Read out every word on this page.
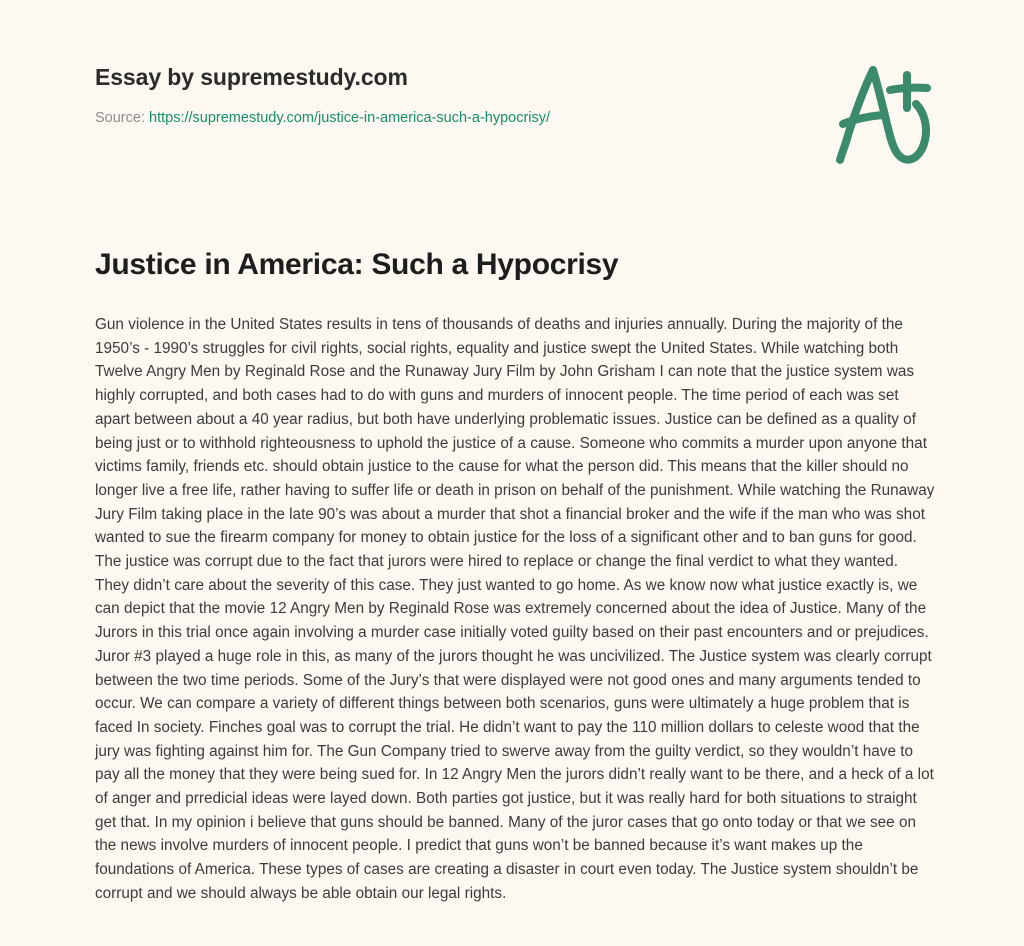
Essay by supremestudy.com
Source: https://supremestudy.com/justice-in-america-such-a-hypocrisy/
Justice in America: Such a Hypocrisy

Gun violence in the United States results in tens of thousands of deaths and injuries annually. During the majority of the 1950’s - 1990’s struggles for civil rights, social rights, equality and justice swept the United States. While watching both Twelve Angry Men by Reginald Rose and the Runaway Jury Film by John Grisham I can note that the justice system was highly corrupted, and both cases had to do with guns and murders of innocent people. The time period of each was set apart between about a 40 year radius, but both have underlying problematic issues. Justice can be defined as a quality of being just or to withhold righteousness to uphold the justice of a cause. Someone who commits a murder upon anyone that victims family, friends etc. should obtain justice to the cause for what the person did. This means that the killer should no longer live a free life, rather having to suffer life or death in prison on behalf of the punishment. While watching the Runaway Jury Film taking place in the late 90’s was about a murder that shot a financial broker and the wife if the man who was shot wanted to sue the firearm company for money to obtain justice for the loss of a significant other and to ban guns for good. The justice was corrupt due to the fact that jurors were hired to replace or change the final verdict to what they wanted. They didn’t care about the severity of this case. They just wanted to go home. As we know now what justice exactly is, we can depict that the movie 12 Angry Men by Reginald Rose was extremely concerned about the idea of Justice. Many of the Jurors in this trial once again involving a murder case initially voted guilty based on their past encounters and or prejudices. Juror #3 played a huge role in this, as many of the jurors thought he was uncivilized. The Justice system was clearly corrupt between the two time periods. Some of the Jury’s that were displayed were not good ones and many arguments tended to occur. We can compare a variety of different things between both scenarios, guns were ultimately a huge problem that is faced In society. Finches goal was to corrupt the trial. He didn’t want to pay the 110 million dollars to celeste wood that the jury was fighting against him for. The Gun Company tried to swerve away from the guilty verdict, so they wouldn’t have to pay all the money that they were being sued for. In 12 Angry Men the jurors didn’t really want to be there, and a heck of a lot of anger and prredicial ideas were layed down. Both parties got justice, but it was really hard for both situations to straight get that. In my opinion i believe that guns should be banned. Many of the juror cases that go onto today or that we see on the news involve murders of innocent people. I predict that guns won’t be banned because it’s want makes up the foundations of America. These types of cases are creating a disaster in court even today. The Justice system shouldn’t be corrupt and we should always be able obtain our legal rights.
